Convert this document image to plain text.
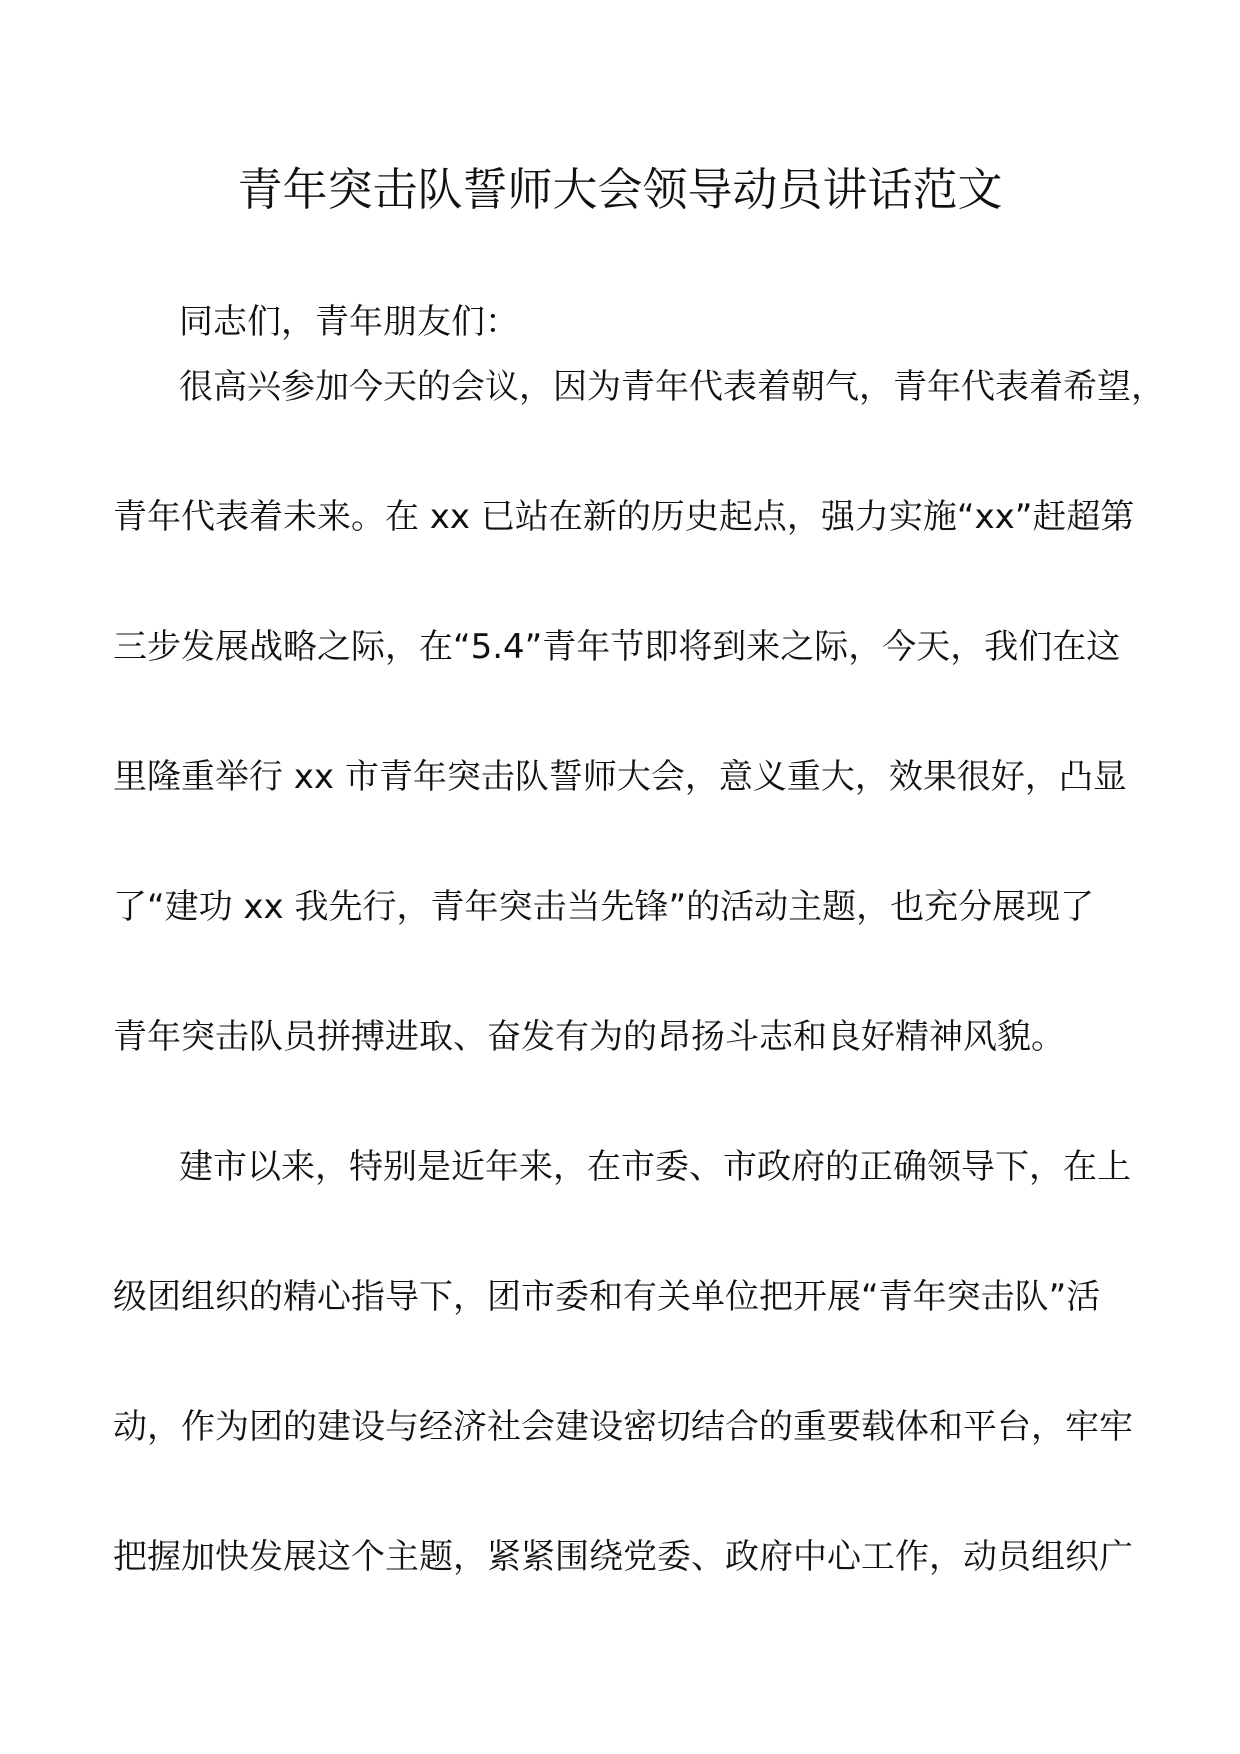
青年突击队誓师大会领导动员讲话范文

同志们，青年朋友们：

很高兴参加今天的会议，因为青年代表着朝气，青年代表着希望，

青年代表着未来。在 xx 已站在新的历史起点，强力实施“xx”赶超第

三步发展战略之际，在“5.4”青年节即将到来之际，今天，我们在这

里隆重举行 xx 市青年突击队誓师大会，意义重大，效果很好，凸显

了“建功 xx 我先行，青年突击当先锋”的活动主题，也充分展现了

青年突击队员拼搏进取、奋发有为的昂扬斗志和良好精神风貌。

建市以来，特别是近年来，在市委、市政府的正确领导下，在上

级团组织的精心指导下，团市委和有关单位把开展“青年突击队”活

动，作为团的建设与经济社会建设密切结合的重要载体和平台，牢牢

把握加快发展这个主题，紧紧围绕党委、政府中心工作，动员组织广
